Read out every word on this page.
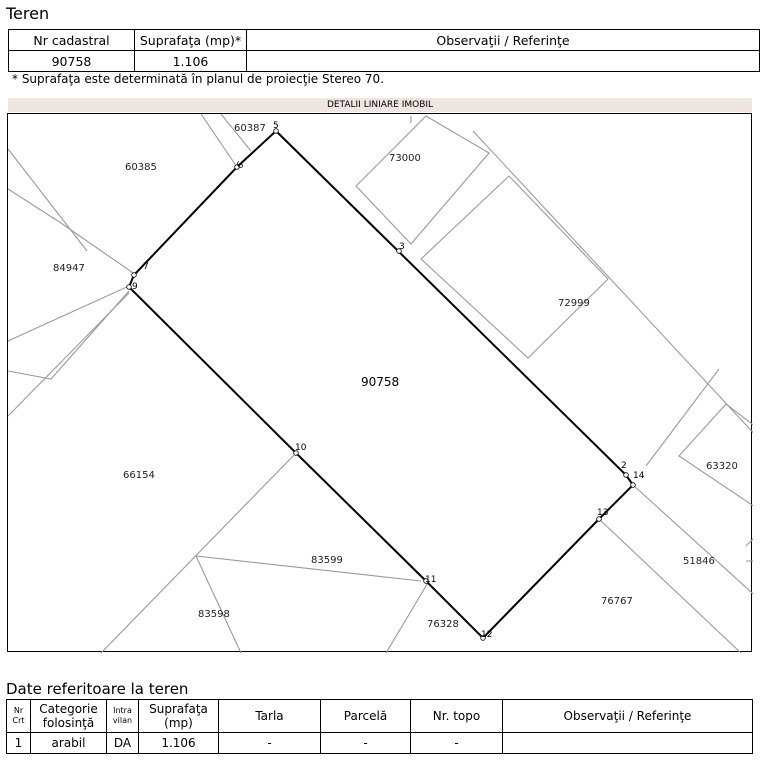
Teren
Nr cadastral	Suprafaţa (mp)*	Observaţii / Referinţe
90758	1.106	
* Suprafaţa este determinată în planul de proiecţie Stereo 70.
DETALII LINIARE IMOBIL
60387
60385
73000
84947
72999
90758
66154
63320
51846
83599
76767
83598
76328
5
6
7
9
3
2
14
13
10
11
12
Date referitoare la teren
Nr Crt	Categorie folosinţă	Intra vilan	Suprafaţa (mp)	Tarla	Parcelă	Nr. topo	Observaţii / Referinţe
1	arabil	DA	1.106	-	-	-	
